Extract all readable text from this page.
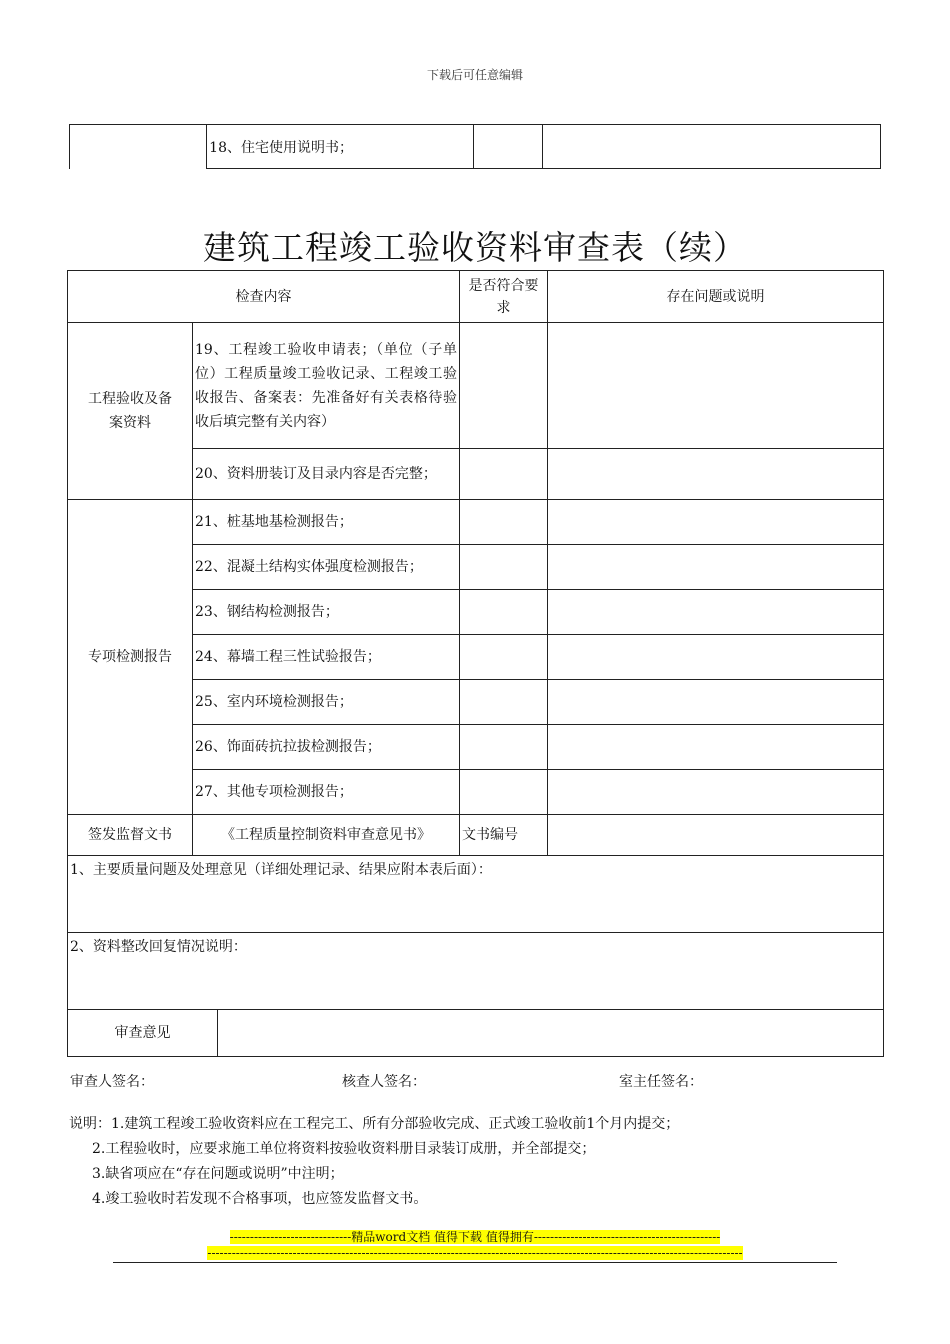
下载后可任意编辑
	18、住宅使用说明书；		
建筑工程竣工验收资料审查表（续）
检查内容			是否符合要求	存在问题或说明

工程验收及备案资料	19、工程竣工验收申请表；（单位（子单位）工程质量竣工验收记录、工程竣工验收报告、备案表：先准备好有关表格待验收后填完整有关内容）			
	20、资料册装订及目录内容是否完整；			
专项检测报告	21、桩基地基检测报告；			
	22、混凝土结构实体强度检测报告；			
	23、钢结构检测报告；			
	24、幕墙工程三性试验报告；			
	25、室内环境检测报告；			
	26、饰面砖抗拉拔检测报告；			
	27、其他专项检测报告；			
签发监督文书	《工程质量控制资料审查意见书》		文书编号	
1、主要质量问题及处理意见（详细处理记录、结果应附本表后面）：				
2、资料整改回复情况说明：				
审查意见				
审查人签名：	核查人签名：	室主任签名：
说明：1.建筑工程竣工验收资料应在工程完工、所有分部验收完成、正式竣工验收前1个月内提交；
2.工程验收时，应要求施工单位将资料按验收资料册目录装订成册，并全部提交；
3.缺省项应在“存在问题或说明”中注明；
4.竣工验收时若发现不合格事项，也应签发监督文书。
------------------------------精品word文档 值得下载 值得拥有----------------------------------------------
------------------------------------------------------------------------------------------------------------------------------------
